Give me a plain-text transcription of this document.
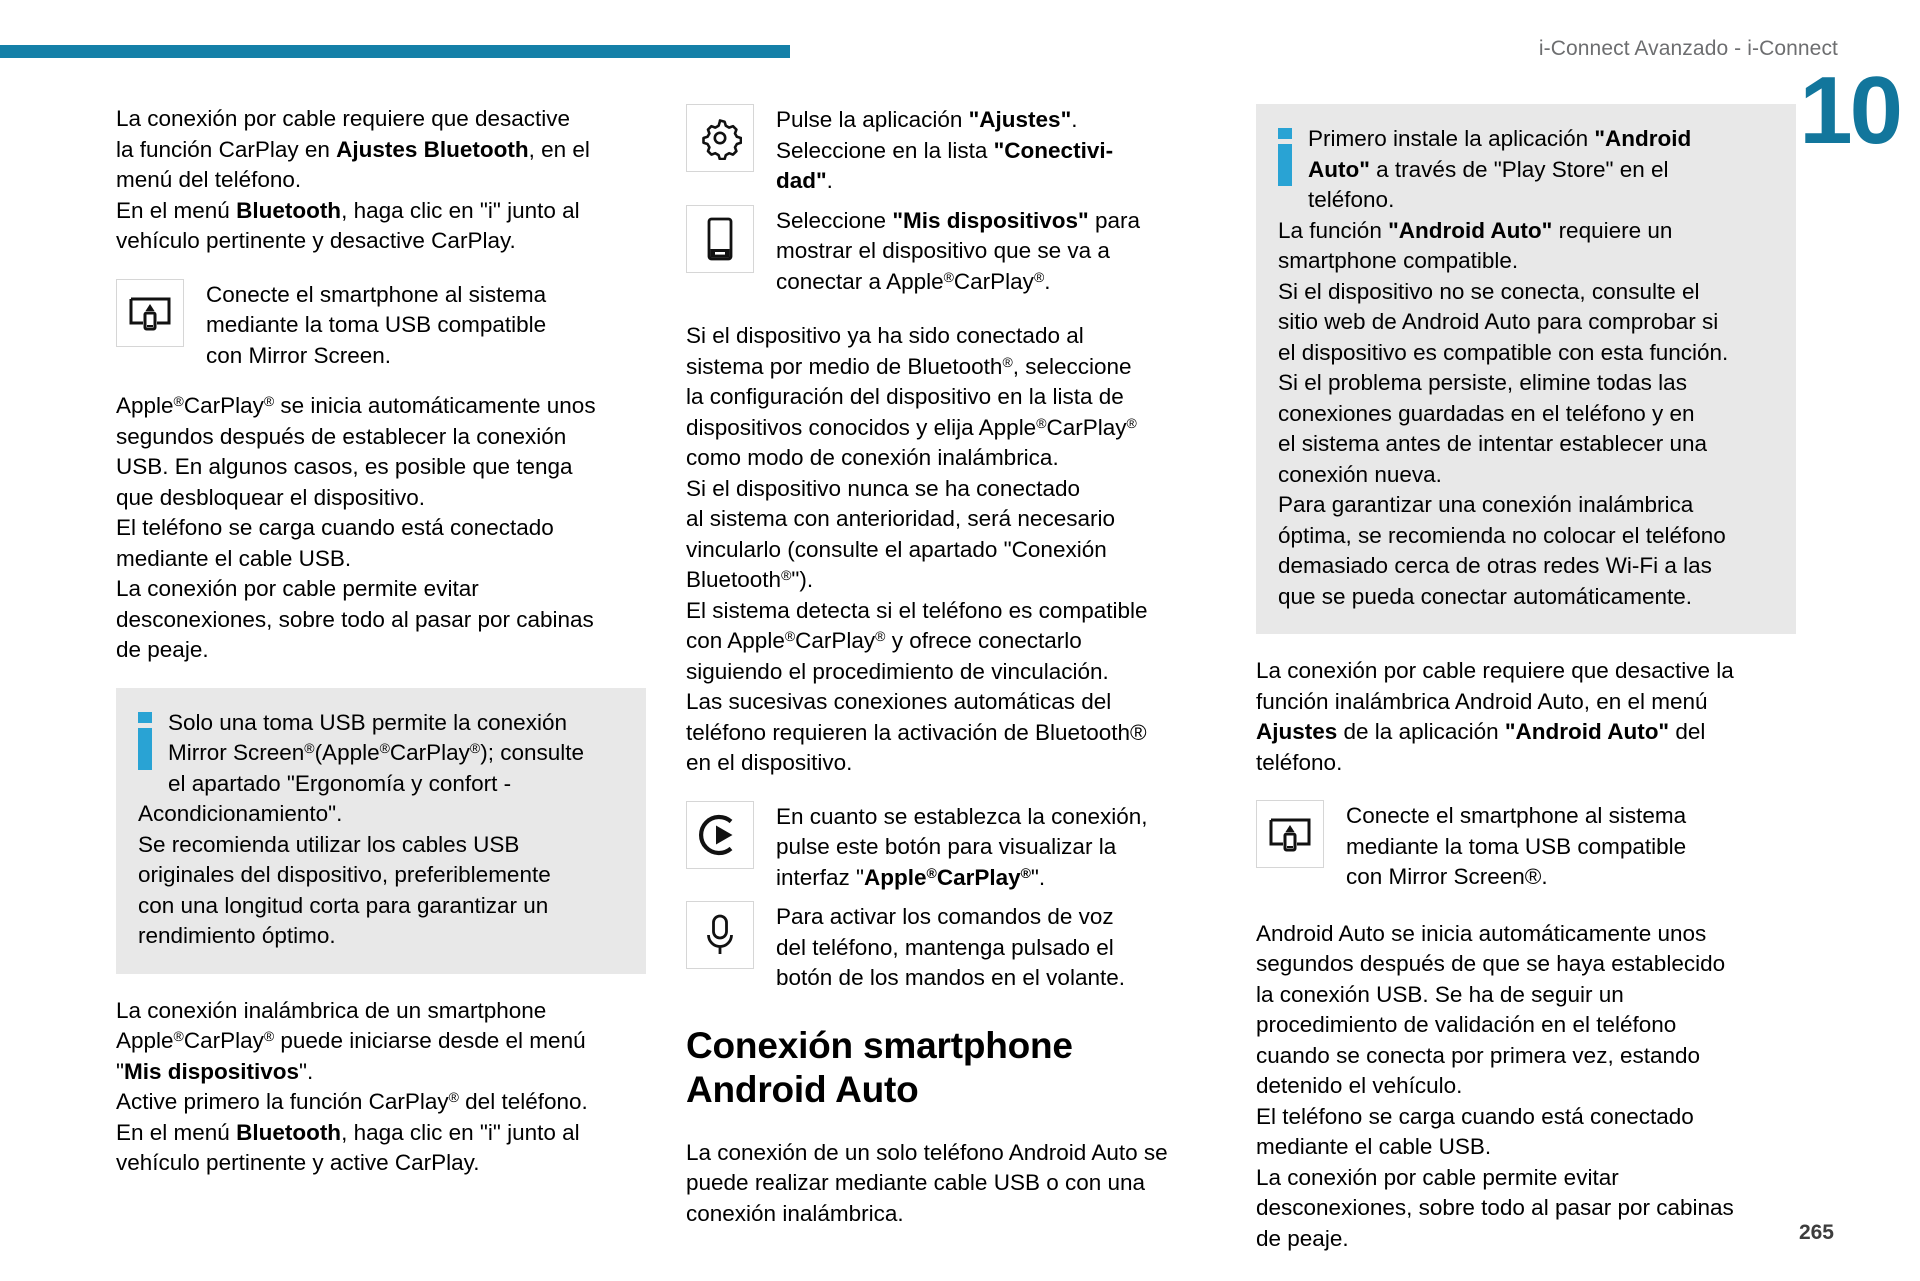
i-Connect Avanzado - i-Connect
10

La conexión por cable requiere que desactive
la función CarPlay en Ajustes Bluetooth, en el
menú del teléfono.
En el menú Bluetooth, haga clic en "i" junto al
vehículo pertinente y desactive CarPlay.

Conecte el smartphone al sistema
mediante la toma USB compatible
con Mirror Screen.

Apple®CarPlay® se inicia automáticamente unos
segundos después de establecer la conexión
USB. En algunos casos, es posible que tenga
que desbloquear el dispositivo.
El teléfono se carga cuando está conectado
mediante el cable USB.
La conexión por cable permite evitar
desconexiones, sobre todo al pasar por cabinas
de peaje.

Solo una toma USB permite la conexión
Mirror Screen®(Apple®CarPlay®); consulte
el apartado "Ergonomía y confort -
Acondicionamiento".
Se recomienda utilizar los cables USB
originales del dispositivo, preferiblemente
con una longitud corta para garantizar un
rendimiento óptimo.

La conexión inalámbrica de un smartphone
Apple®CarPlay® puede iniciarse desde el menú
"Mis dispositivos".
Active primero la función CarPlay® del teléfono.
En el menú Bluetooth, haga clic en "i" junto al
vehículo pertinente y active CarPlay.

Pulse la aplicación "Ajustes".
Seleccione en la lista "Conectivi-
dad".
Seleccione "Mis dispositivos" para
mostrar el dispositivo que se va a
conectar a Apple®CarPlay®.

Si el dispositivo ya ha sido conectado al
sistema por medio de Bluetooth®, seleccione
la configuración del dispositivo en la lista de
dispositivos conocidos y elija Apple®CarPlay®
como modo de conexión inalámbrica.
Si el dispositivo nunca se ha conectado
al sistema con anterioridad, será necesario
vincularlo (consulte el apartado "Conexión
Bluetooth®").
El sistema detecta si el teléfono es compatible
con Apple®CarPlay® y ofrece conectarlo
siguiendo el procedimiento de vinculación.
Las sucesivas conexiones automáticas del
teléfono requieren la activación de Bluetooth®
en el dispositivo.

En cuanto se establezca la conexión,
pulse este botón para visualizar la
interfaz "Apple®CarPlay®".
Para activar los comandos de voz
del teléfono, mantenga pulsado el
botón de los mandos en el volante.
Conexión smartphone
Android Auto

La conexión de un solo teléfono Android Auto se
puede realizar mediante cable USB o con una
conexión inalámbrica.

Primero instale la aplicación "Android
Auto" a través de "Play Store" en el
teléfono.
La función "Android Auto" requiere un
smartphone compatible.
Si el dispositivo no se conecta, consulte el
sitio web de Android Auto para comprobar si
el dispositivo es compatible con esta función.
Si el problema persiste, elimine todas las
conexiones guardadas en el teléfono y en
el sistema antes de intentar establecer una
conexión nueva.
Para garantizar una conexión inalámbrica
óptima, se recomienda no colocar el teléfono
demasiado cerca de otras redes Wi-Fi a las
que se pueda conectar automáticamente.

La conexión por cable requiere que desactive la
función inalámbrica Android Auto, en el menú
Ajustes de la aplicación "Android Auto" del
teléfono.

Conecte el smartphone al sistema
mediante la toma USB compatible
con Mirror Screen®.

Android Auto se inicia automáticamente unos
segundos después de que se haya establecido
la conexión USB. Se ha de seguir un
procedimiento de validación en el teléfono
cuando se conecta por primera vez, estando
detenido el vehículo.
El teléfono se carga cuando está conectado
mediante el cable USB.
La conexión por cable permite evitar
desconexiones, sobre todo al pasar por cabinas
de peaje.	265
